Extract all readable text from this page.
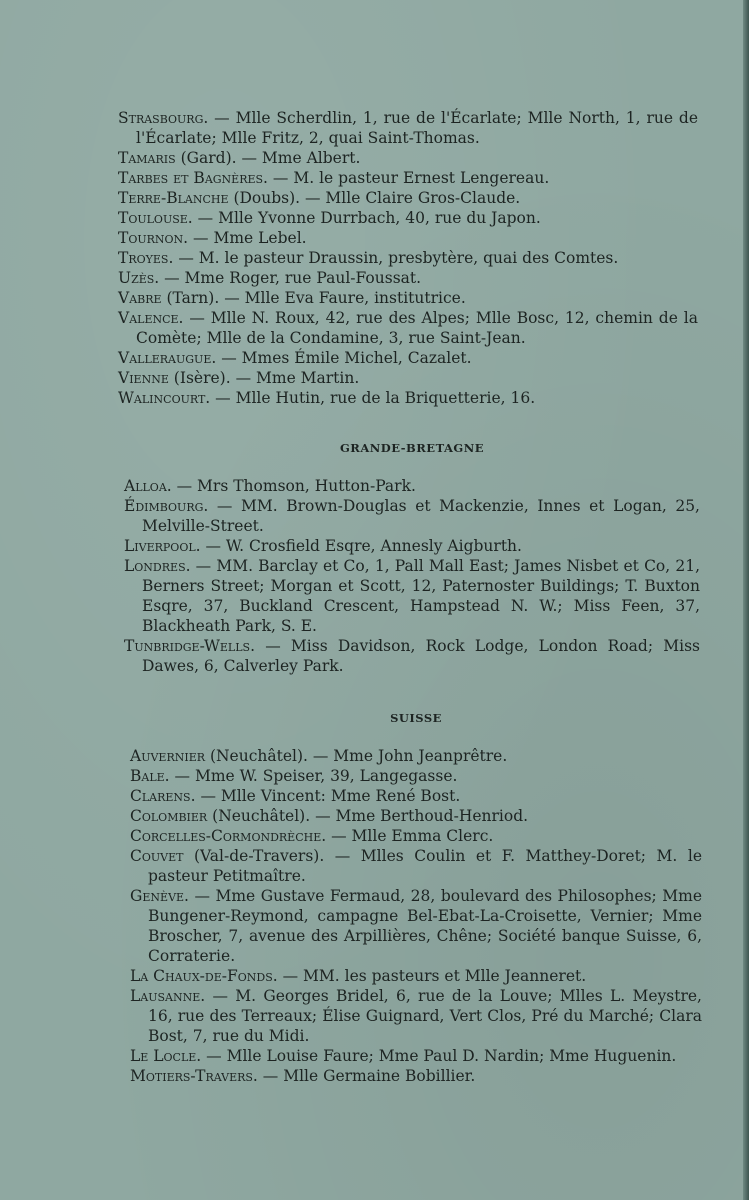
Strasbourg. — Mlle Scherdlin, 1, rue de l'Écarlate; Mlle North, 1, rue de l'Écarlate; Mlle Fritz, 2, quai Saint-Thomas.

Tamaris (Gard). — Mme Albert.

Tarbes et Bagnères. — M. le pasteur Ernest Lengereau.

Terre-Blanche (Doubs). — Mlle Claire Gros-Claude.

Toulouse. — Mlle Yvonne Durrbach, 40, rue du Japon.

Tournon. — Mme Lebel.

Troyes. — M. le pasteur Draussin, presbytère, quai des Comtes.

Uzès. — Mme Roger, rue Paul-Foussat.

Vabre (Tarn). — Mlle Eva Faure, institutrice.

Valence. — Mlle N. Roux, 42, rue des Alpes; Mlle Bosc, 12, chemin de la Comète; Mlle de la Condamine, 3, rue Saint-Jean.

Valleraugue. — Mmes Émile Michel, Cazalet.

Vienne (Isère). — Mme Martin.

Walincourt. — Mlle Hutin, rue de la Briquetterie, 16.

GRANDE-BRETAGNE

Alloa. — Mrs Thomson, Hutton-Park.

Édimbourg. — MM. Brown-Douglas et Mackenzie, Innes et Logan, 25, Melville-Street.

Liverpool. — W. Crosfield Esqre, Annesly Aigburth.

Londres. — MM. Barclay et Co, 1, Pall Mall East; James Nisbet et Co, 21, Berners Street; Morgan et Scott, 12, Paternoster Buildings; T. Buxton Esqre, 37, Buckland Crescent, Hampstead N. W.; Miss Feen, 37, Blackheath Park, S. E.

Tunbridge-Wells. — Miss Davidson, Rock Lodge, London Road; Miss Dawes, 6, Calverley Park.

SUISSE

Auvernier (Neuchâtel). — Mme John Jeanprêtre.

Bale. — Mme W. Speiser, 39, Langegasse.

Clarens. — Mlle Vincent: Mme René Bost.

Colombier (Neuchâtel). — Mme Berthoud-Henriod.

Corcelles-Cormondrèche. — Mlle Emma Clerc.

Couvet (Val-de-Travers). — Mlles Coulin et F. Matthey-Doret; M. le pasteur Petitmaître.

Genève. — Mme Gustave Fermaud, 28, boulevard des Philosophes; Mme Bungener-Reymond, campagne Bel-Ebat-La-Croisette, Vernier; Mme Broscher, 7, avenue des Arpillières, Chêne; Société banque Suisse, 6, Corraterie.

La Chaux-de-Fonds. — MM. les pasteurs et Mlle Jeanneret.

Lausanne. — M. Georges Bridel, 6, rue de la Louve; Mlles L. Meystre, 16, rue des Terreaux; Élise Guignard, Vert Clos, Pré du Marché; Clara Bost, 7, rue du Midi.

Le Locle. — Mlle Louise Faure; Mme Paul D. Nardin; Mme Huguenin.

Motiers-Travers. — Mlle Germaine Bobillier.
